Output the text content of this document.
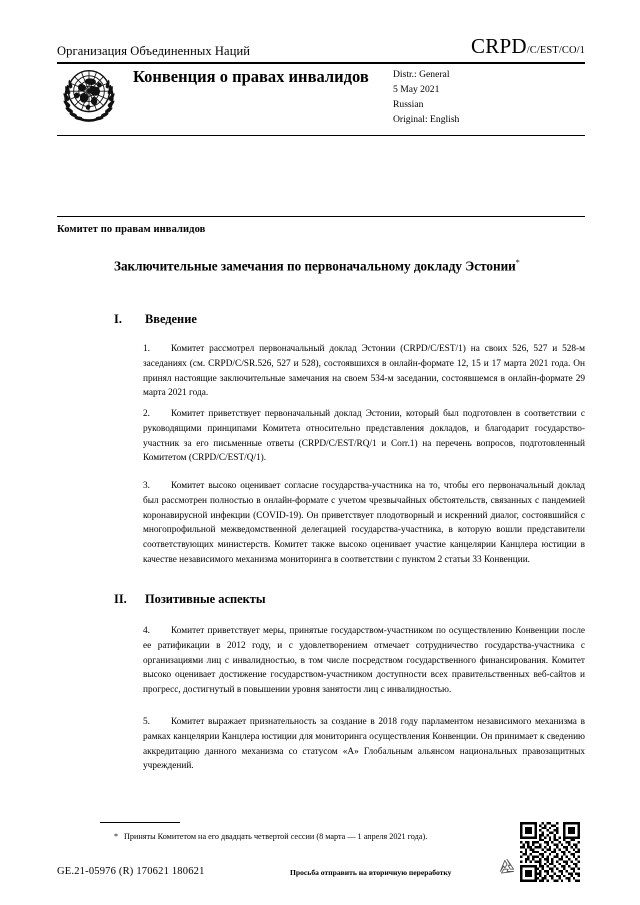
Организация Объединенных Наций	CRPD /C/EST/CO/1
Конвенция о правах инвалидов	Distr.: General
5 May 2021
Russian
Original: English
Комитет по правам инвалидов
Заключительные замечания по первоначальному докладу Эстонии*
I.	Введение
1. Комитет рассмотрел первоначальный доклад Эстонии (CRPD/C/EST/1) на своих 526, 527 и 528-м заседаниях (см. CRPD/C/SR.526, 527 и 528), состоявшихся в онлайн-формате 12, 15 и 17 марта 2021 года. Он принял настоящие заключительные замечания на своем 534-м заседании, состоявшемся в онлайн-формате 29 марта 2021 года.
2. Комитет приветствует первоначальный доклад Эстонии, который был подготовлен в соответствии с руководящими принципами Комитета относительно представления докладов, и благодарит государство-участник за его письменные ответы (CRPD/C/EST/RQ/1 и Corr.1) на перечень вопросов, подготовленный Комитетом (CRPD/C/EST/Q/1).
3. Комитет высоко оценивает согласие государства-участника на то, чтобы его первоначальный доклад был рассмотрен полностью в онлайн-формате с учетом чрезвычайных обстоятельств, связанных с пандемией коронавирусной инфекции (COVID-19). Он приветствует плодотворный и искренний диалог, состоявшийся с многопрофильной межведомственной делегацией государства-участника, в которую вошли представители соответствующих министерств. Комитет также высоко оценивает участие канцелярии Канцлера юстиции в качестве независимого механизма мониторинга в соответствии с пунктом 2 статьи 33 Конвенции.
II.	Позитивные аспекты
4. Комитет приветствует меры, принятые государством-участником по осуществлению Конвенции после ее ратификации в 2012 году, и с удовлетворением отмечает сотрудничество государства-участника с организациями лиц с инвалидностью, в том числе посредством государственного финансирования. Комитет высоко оценивает достижение государством-участником доступности всех правительственных веб-сайтов и прогресс, достигнутый в повышении уровня занятости лиц с инвалидностью.
5. Комитет выражает признательность за создание в 2018 году парламентом независимого механизма в рамках канцелярии Канцлера юстиции для мониторинга осуществления Конвенции. Он принимает к сведению аккредитацию данного механизма со статусом «А» Глобальным альянсом национальных правозащитных учреждений.
* Приняты Комитетом на его двадцать четвертой сессии (8 марта — 1 апреля 2021 года).
GE.21-05976 (R) 170621 180621	Просьба отправить на вторичную переработку
